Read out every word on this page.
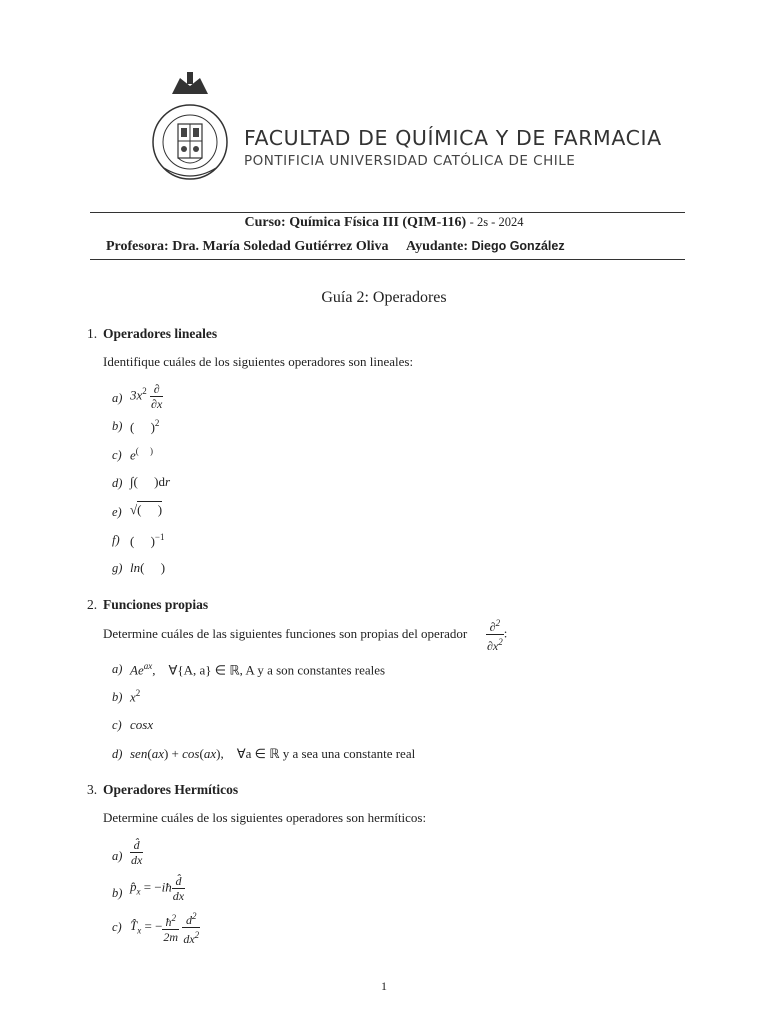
FACULTAD DE QUÍMICA Y DE FARMACIA
PONTIFICIA UNIVERSIDAD CATÓLICA DE CHILE
Curso: Química Física III (QIM-116) - 2s - 2024
Profesora: Dra. María Soledad Gutiérrez Oliva Ayudante: Diego González
Guía 2: Operadores
1. Operadores lineales
Identifique cuáles de los siguientes operadores son lineales:
a) $3x^2 \frac{\partial}{\partial x}$
b) (     )$^2$
c) e(     )
d) ∫(     )dr
e) √(     )
f) (     )$^{-1}$
g) ln(     )
2. Funciones propias
Determine cuáles de las siguientes funciones son propias del operador $\frac{\partial^2}{\partial x^2}$ :
a) $Ae^{ax}$,    ∀{A, a} ∈ ℝ, A y a son constantes reales
b) $x^2$
c) cosx
d) sen(ax) + cos(ax),    ∀a ∈ ℝ y a sea una constante real
3. Operadores Hermíticos
Determine cuáles de los siguientes operadores son hermíticos:
$a) \frac{d̂}{dx}$
b) $p̂_x$ = −iħ $\frac{d̂}{dx}$
c) $T̂_x$ = − $\frac{ħ^2}{2m}$
$\frac{d^2}{dx^2}$
1
